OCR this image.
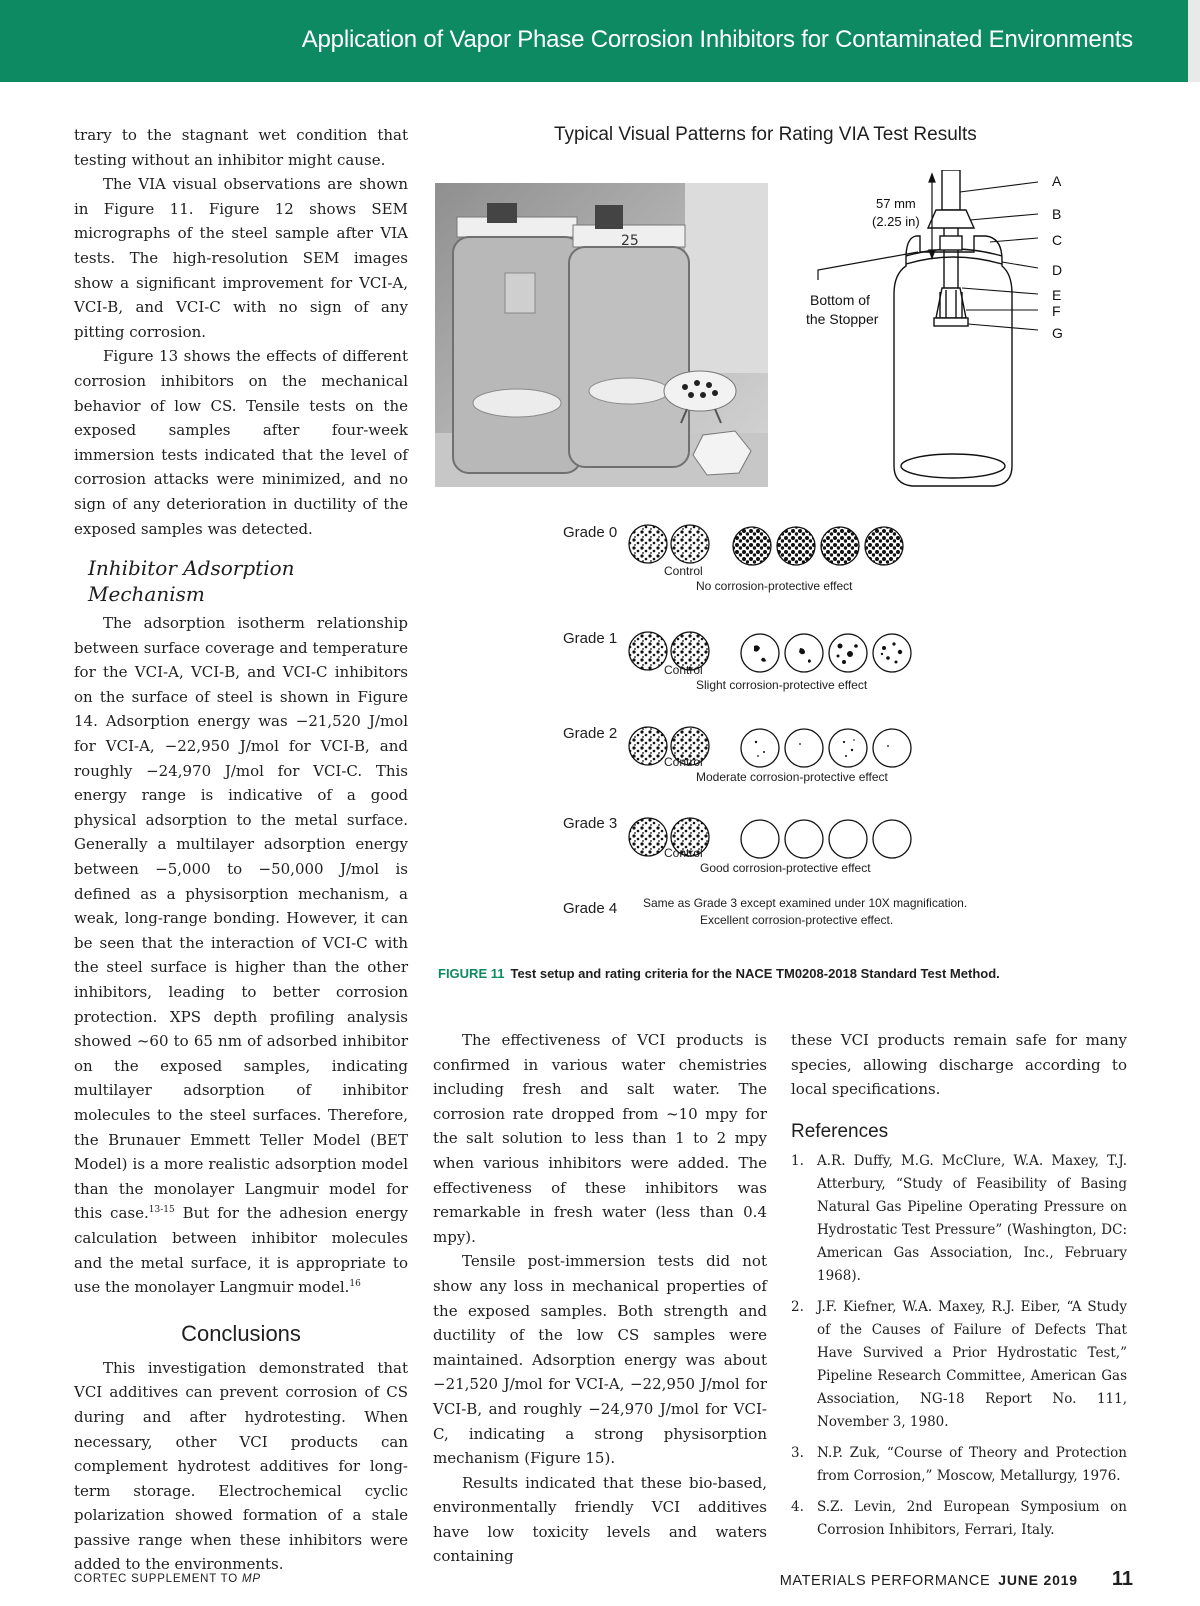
Application of Vapor Phase Corrosion Inhibitors for Contaminated Environments

trary to the stagnant wet condition that testing without an inhibitor might cause.

The VIA visual observations are shown in Figure 11. Figure 12 shows SEM micrographs of the steel sample after VIA tests. The high-resolution SEM images show a significant improvement for VCI-A, VCI-B, and VCI-C with no sign of any pitting corrosion.

Figure 13 shows the effects of different corrosion inhibitors on the mechanical behavior of low CS. Tensile tests on the exposed samples after four-week immersion tests indicated that the level of corrosion attacks were minimized, and no sign of any deterioration in ductility of the exposed samples was detected.

Inhibitor Adsorption Mechanism

The adsorption isotherm relationship between surface coverage and temperature for the VCI-A, VCI-B, and VCI-C inhibitors on the surface of steel is shown in Figure 14. Adsorption energy was −21,520 J/mol for VCI-A, −22,950 J/mol for VCI-B, and roughly −24,970 J/mol for VCI-C. This energy range is indicative of a good physical adsorption to the metal surface. Generally a multilayer adsorption energy between −5,000 to −50,000 J/mol is defined as a physisorption mechanism, a weak, long-range bonding. However, it can be seen that the interaction of VCI-C with the steel surface is higher than the other inhibitors, leading to better corrosion protection. XPS depth profiling analysis showed ~60 to 65 nm of adsorbed inhibitor on the exposed samples, indicating multilayer adsorption of inhibitor molecules to the steel surfaces. Therefore, the Brunauer Emmett Teller Model (BET Model) is a more realistic adsorption model than the monolayer Langmuir model for this case.$^{13-15}$ But for the adhesion energy calculation between inhibitor molecules and the metal surface, it is appropriate to use the monolayer Langmuir model.$^{16}$

Conclusions

This investigation demonstrated that VCI additives can prevent corrosion of CS during and after hydrotesting. When necessary, other VCI products can complement hydrotest additives for long-term storage. Electrochemical cyclic polarization showed formation of a stale passive range when these inhibitors were added to the environments.

Typical Visual Patterns for Rating VIA Test Results
25
57 mm
(2.25 in)
Bottom of
the Stopper
A
B
C
D
E
F
G
Grade 0
Control
No corrosion-protective effect
Grade 1
Control
Slight corrosion-protective effect
Grade 2
Control
Moderate corrosion-protective effect
Grade 3
Control
Good corrosion-protective effect
Grade 4 Same as Grade 3 except examined under 10X magnification.
Excellent corrosion-protective effect.
FIGURE 11 Test setup and rating criteria for the NACE TM0208-2018 Standard Test Method.

The effectiveness of VCI products is confirmed in various water chemistries including fresh and salt water. The corrosion rate dropped from ~10 mpy for the salt solution to less than 1 to 2 mpy when various inhibitors were added. The effectiveness of these inhibitors was remarkable in fresh water (less than 0.4 mpy).

Tensile post-immersion tests did not show any loss in mechanical properties of the exposed samples. Both strength and ductility of the low CS samples were maintained. Adsorption energy was about −21,520 J/mol for VCI-A, −22,950 J/mol for VCI-B, and roughly −24,970 J/mol for VCI-C, indicating a strong physisorption mechanism (Figure 15).

Results indicated that these bio-based, environmentally friendly VCI additives have low toxicity levels and waters containing

these VCI products remain safe for many species, allowing discharge according to local specifications.

References
1. A.R. Duffy, M.G. McClure, W.A. Maxey, T.J. Atterbury, “Study of Feasibility of Basing Natural Gas Pipeline Operating Pressure on Hydrostatic Test Pressure” (Washington, DC: American Gas Association, Inc., February 1968).
2. J.F. Kiefner, W.A. Maxey, R.J. Eiber, “A Study of the Causes of Failure of Defects That Have Survived a Prior Hydrostatic Test,” Pipeline Research Committee, American Gas Association, NG-18 Report No. 111, November 3, 1980.
3. N.P. Zuk, “Course of Theory and Protection from Corrosion,” Moscow, Metallurgy, 1976.
4. S.Z. Levin, 2nd European Symposium on Corrosion Inhibitors, Ferrari, Italy.
CORTEC SUPPLEMENT TO MP	MATERIALS PERFORMANCE JUNE 2019 11
